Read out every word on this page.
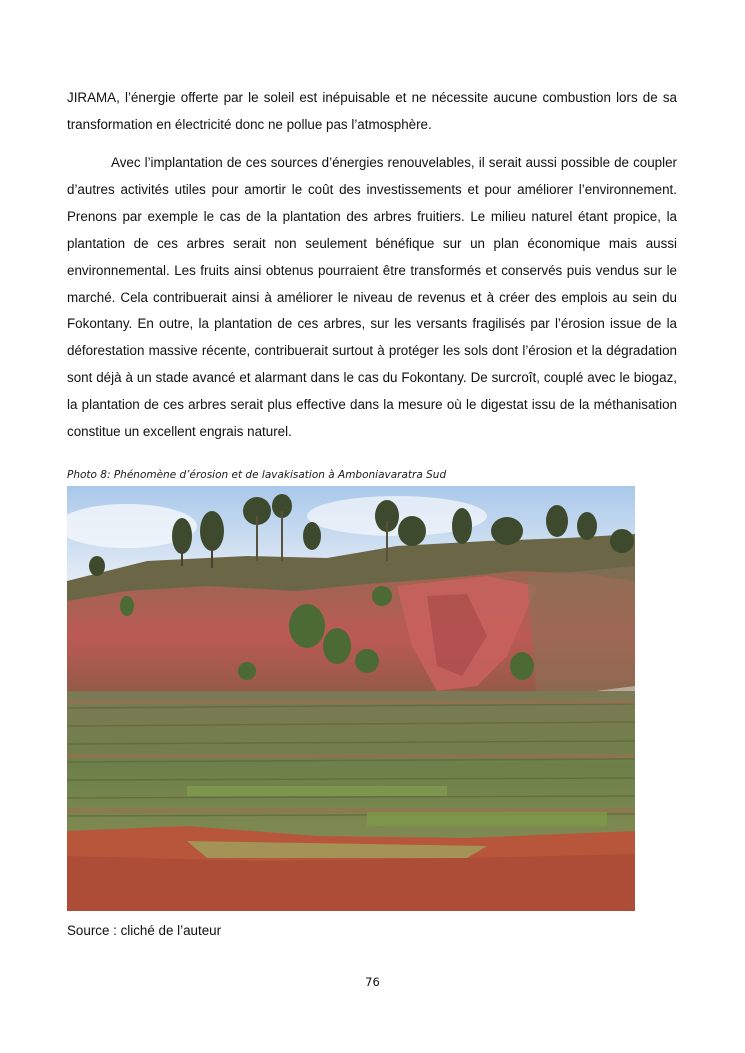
JIRAMA, l’énergie offerte par le soleil est inépuisable et ne nécessite aucune combustion lors de sa transformation en électricité donc ne pollue pas l’atmosphère.

Avec l’implantation de ces sources d’énergies renouvelables, il serait aussi possible de coupler d’autres activités utiles pour amortir le coût des investissements et pour améliorer l’environnement. Prenons par exemple le cas de la plantation des arbres fruitiers. Le milieu naturel étant propice, la plantation de ces arbres serait non seulement bénéfique sur un plan économique mais aussi environnemental. Les fruits ainsi obtenus pourraient être transformés et conservés puis vendus sur le marché. Cela contribuerait ainsi à améliorer le niveau de revenus et à créer des emplois au sein du Fokontany. En outre, la plantation de ces arbres, sur les versants fragilisés par l’érosion issue de la déforestation massive récente, contribuerait surtout à protéger les sols dont l’érosion et la dégradation sont déjà à un stade avancé et alarmant dans le cas du Fokontany. De surcroît, couplé avec le biogaz, la plantation de ces arbres serait plus effective dans la mesure où le digestat issu de la méthanisation constitue un excellent engrais naturel.

Photo 8: Phénomène d’érosion et de lavakisation à Amboniavaratra Sud
Source : cliché de l’auteur
76
